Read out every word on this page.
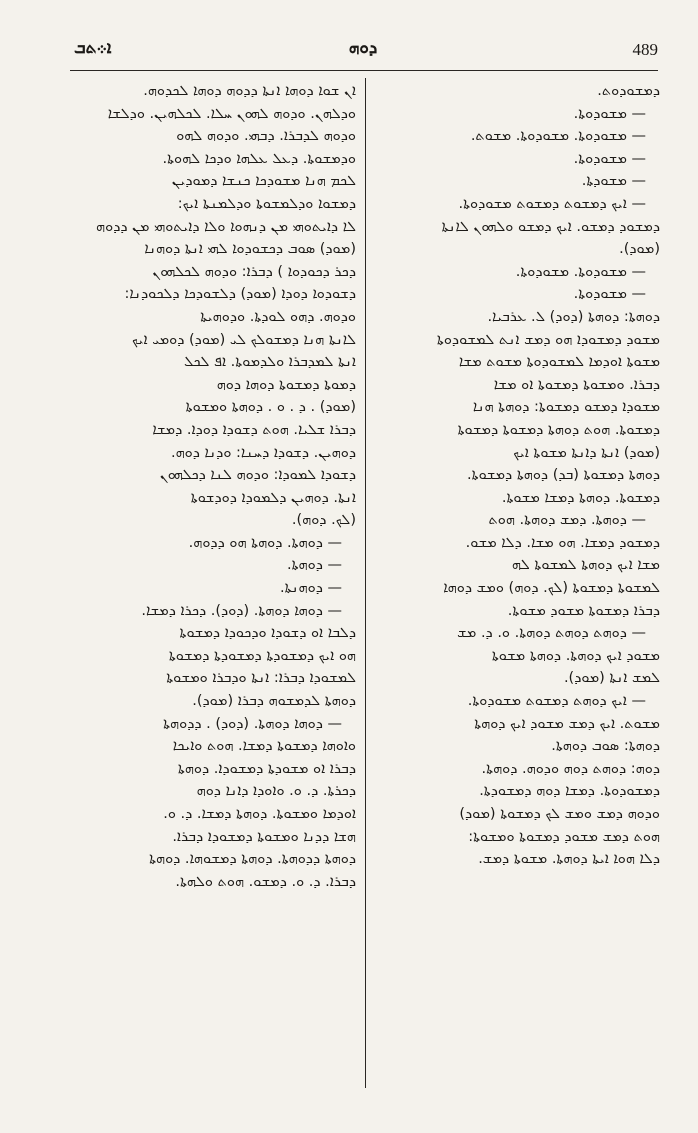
ܐ܀ܬܒ	ܕܘܗ	489
ܐܢ ܫܘܐ ܕܘܗܐ ܐܢܬܐ ܕܕܘܗ ܕܘܗܐ ܠܟܕܘܗ.
ܘܕܠܗܢ. ܘܕܘܗ ܠܗܘܢ ܚܠܐ. ܠܟܠܗܝܢ. ܘܕܠܫܐ
ܘܕܘܗ ܠܕܒܪܐ. ܕܒܗܝ. ܘܕܘܗ ܠܗܘ
ܘܕܡܫܘܬܐ. ܕܥܠ ܥܠܗܐ ܘܕܟܐ ܠܗܘܬܐ.
ܠܟܡ ܗܢܐ ܡܫܘܕܟܐ ܟܢܫܐ ܕܡܘܕܝܢ
ܕܡܫܘܐ ܘܕܠܡܫܘܬܐ ܘܕܠܡܢܬܐ ܐܝܟ:
ܠܐ ܕܐܝܬܘܗܝ ܡܢ ܕܢܗܘܐ ܘܠܐ ܕܐܝܬܘܗܝ ܡܢ ܕܕܘܗ
(ܡܘܕ) ܣܘܒ ܕܟܫܘܕܘܐ ܠܗܝ ܐܢܬܐ ܕܘܗܢܐ
ܕܟܪ ܕܟܘܕܘܐ ) ܕܒܪܐ: ܘܕܘܗ ܠܟܠܗܘܢ
ܕܫܘܕܘܐ ܕܘܕܐ (ܡܘܕ) ܕܠܫܘܕܟܐ ܕܠܟܘܕܢܐ:
ܘܕܘܗ. ܕܗܘ ܠܘܕܬܐ. ܘܕܘܗܝܬܐ
ܠܐܢܬܐ ܗܢܐ ܕܡܫܘܠܟ ܠܝ (ܡܘܕ) ܕܘܡܝ ܐܝܟ
ܐܢܬܐ ܠܡܕܒܪܐ ܘܠܕܡܘܬܐ. ܐܦ ܠܟܠ
ܕܡܘܬܐ ܕܡܫܘܬܐ ܕܘܗܐ ܕܘܗ
(ܡܘܕ) . ܕ . ܘ . ܕܘܗܬܐ ܘܡܫܘܬܐ
ܕܒܪܐ ܫܠܝܐ. ܗܘܬ ܕܫܘܕܐ ܕܘܕܐ. ܕܡܫܐ
ܕܘܗܝܢ. ܕܫܘܕܐ ܕܚܢܐ: ܘܕܢܐ ܕܘܗ.
ܕܫܘܕܐ ܠܡܘܕܐ: ܘܕܘܗ ܠܢܐ ܕܟܠܗܘܢ
ܐܢܬܐ. ܕܘܗܝܢ ܕܠܡܘܕܐ ܕܘܕܫܘܬܐ
(ܠܟ. ܕܘܗ).
— ܕܘܗܬܐ. ܕܘܗܬܐ ܗܘ ܕܕܘܗ.
— ܕܘܗܬܐ.
— ܕܘܗܢܬܐ.
— ܕܘܗܐ ܕܘܗܬܐ. (ܕܘܕ). ܕܟܪܐ ܕܡܫܐ.
ܕܠܒܐ ܐܘ ܕܫܘܕܐ ܘܕܟܘܕܐ ܕܡܫܘܬܐ
ܗܘ ܐܝܟ ܕܡܫܘܕܬܐ ܕܡܫܘܕܬܐ ܕܡܫܘܬܐ
ܠܡܫܘܕܐ ܕܒܪܐ: ܐܢܬܐ ܘܕܒܪܐ ܘܡܫܘܬܐ
ܕܘܗܬܐ ܠܕܡܫܘܗ ܕܒܪܐ (ܡܘܕ).
— ܕܘܗܐ ܕܘܗܬܐ. (ܕܘܕ) . ܕܕܘܗܬܐ
ܘܐܘܗܐ ܕܡܫܘܬܐ ܕܡܫܐ. ܗܘܬ ܘܐܝܟܐ
ܕܒܪܐ ܐܘ ܡܫܘܕܬܐ ܕܡܫܘܕܐ. ܕܘܗܬܐ
ܕܟܪܬܐ. ܕ. ܘ. ܘܐܘܕܐ ܕܐܢܐ ܕܘܗ
ܐܘܕܡܐ ܘܡܫܘܬܐ. ܕܘܗܬܐ ܕܡܫܐ. ܕ. ܘ.
ܗܫܐ ܕܕܢܐ ܘܡܫܘܬܐ ܕܡܫܘܕܐ ܕܒܪܐ.
ܕܘܗܬܐ ܕܕܘܗܬܐ. ܕܘܗܬܐ ܕܡܫܘܗܐ. ܕܘܗܬܐ
ܕܒܪܐ. ܕ. ܘ. ܕܡܫܘ. ܗܘܬ ܘܠܗܬܐ.
ܕܡܫܘܕܘܬ.
— ܡܫܘܕܘܬܐ.
— ܡܫܘܕܘܬܐ. ܡܫܘܕܘܬܐ. ܡܫܘܬ.
— ܡܫܘܕܘܬܐ.
— ܡܫܘܕܬܐ.
— ܐܝܟ ܕܡܫܘܬ ܕܡܫܘܬ ܡܫܘܕܘܬܐ.
ܕܡܫܘܕ ܕܡܫܘ. ܐܝܟ ܕܡܫܘ ܘܠܗܘܢ ܠܐܢܬܐ
(ܡܘܕ).
— ܡܫܘܕܘܬܐ. ܡܫܘܕܘܬܐ.
— ܡܫܘܕܘܬܐ.
ܕܘܗܬܐ: ܕܘܗܬܐ (ܕܘܕ) ܠ. ܥܪܒܝܐ.
ܡܫܘܕ ܕܡܫܘܕܐ ܗܘ ܕܡܫ ܐܢܬ ܠܡܫܘܕܘܬܐ
ܡܫܘܬܐ ܐܘܕܡܐ ܠܡܫܘܕܘܬܐ ܡܫܘܬ ܡܫܐ
ܕܒܪܐ. ܘܡܫܘܬܐ ܕܡܫܘܬܐ ܐܘ ܡܫܐ
ܡܫܘܕܐ ܕܡܫܘ ܕܡܫܘܬܐ: ܕܘܗܬܐ ܗܢܐ
ܕܡܫܘܬܐ. ܗܘܬ ܕܘܗܬܐ ܕܡܫܘܬܐ ܕܡܫܘܬܐ
(ܡܘܕ) ܐܢܬܐ ܕܐܢܬܐ ܡܫܘܬܐ ܐܝܟ
ܕܘܗܬܐ ܕܡܫܘܬܐ (ܒܕ) ܕܘܗܬܐ ܕܡܫܘܬܐ.
ܕܡܫܘܬܐ. ܕܘܗܬܐ ܕܡܫܐ ܡܫܘܬܐ.
— ܕܘܗܬܐ. ܕܡܫ ܕܘܗܬܐ. ܗܘܬ
ܕܡܫܘܕ ܕܡܫܐ. ܗܘ ܡܫܐ. ܕܠܐ ܡܫܘ.
ܡܫܐ ܐܝܟ ܕܘܗܬܐ ܠܡܫܘܬܐ ܠܗ
ܠܡܫܘܬܐ ܕܡܫܘܬܐ (ܠܟ. ܕܘܗ) ܘܡܫ ܕܘܗܐ
ܕܒܪܐ ܕܡܫܘܬܐ ܡܫܘܕ ܡܫܘܬܐ.
— ܕܘܗܬ ܕܘܗܬ ܕܘܗܬܐ. ܘ. ܕ. ܡܫ
ܡܫܘܕ ܐܝܟ ܕܘܗܬܐ. ܕܘܗܬܐ ܡܫܘܬܐ
ܠܡܫ ܐܢܬܐ (ܡܘܕ).
— ܐܝܟ ܕܘܗܬ ܕܡܫܘܬ ܡܫܘܕܘܬܐ.
ܡܫܘܬ. ܐܝܟ ܕܡܫ ܡܫܘܕ ܐܝܟ ܕܘܗܬܐ
ܕܘܗܬܐ: ܣܘܒ ܕܘܗܬܐ.
ܕܘܗ: ܕܘܗܬ ܕܘܗ ܘܕܘܗ. ܕܘܗܬܐ.
ܕܡܫܘܕܘܬܐ. ܕܡܫܐ ܕܘܗ ܕܡܫܘܕܬܐ.
ܘܕܘܗ ܕܡܫ ܘܡܫ ܠܟ ܕܡܫܘܬܐ (ܡܘܕ)
ܗܘܬ ܕܡܫ ܡܫܘܕ ܕܡܫܘܬܐ ܘܡܫܘܬܐ:
ܕܠܐ ܗܘܐ ܐܝܬܐ ܕܘܗܬܐ. ܡܫܘܬܐ ܕܡܫ.
